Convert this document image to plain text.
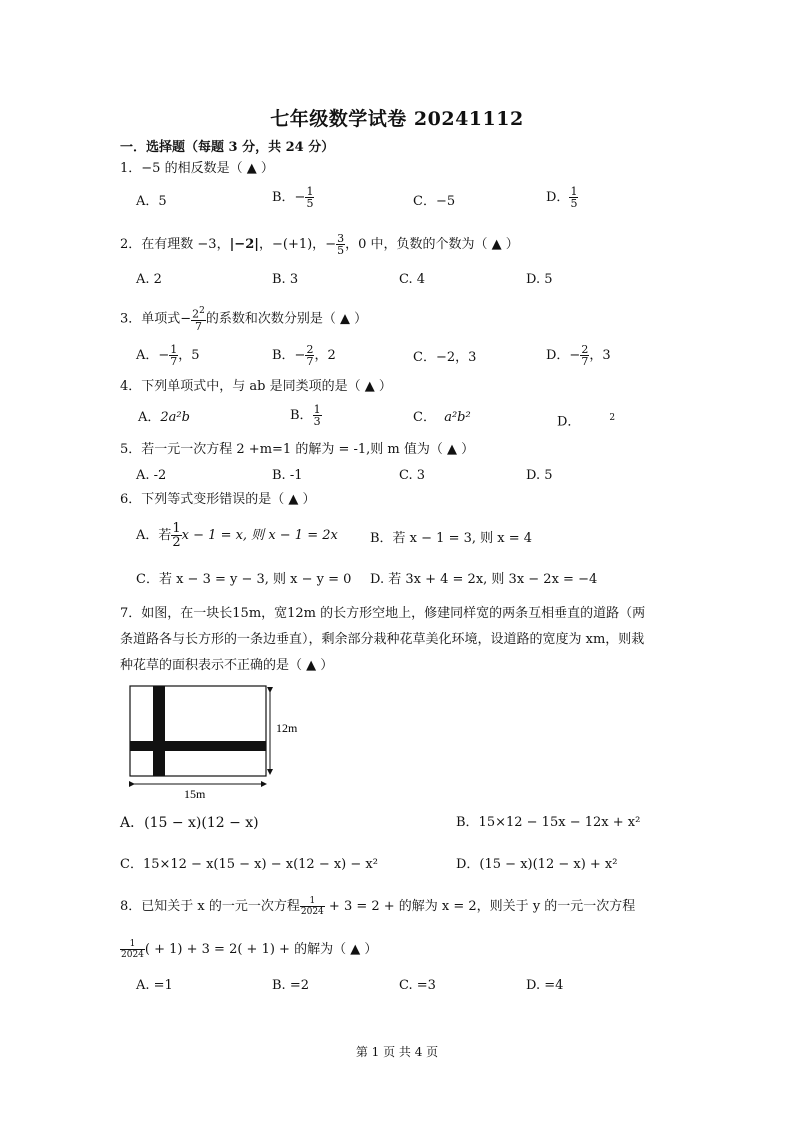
七年级数学试卷 20241112
一．选择题（每题 3 分，共 24 分）
1．−5 的相反数是（ ▲ ）
A．5	B．− $\frac{1}{5}$	C．−5	D． $\frac{1}{5}$
2．在有理数 −3，|−2|，−(+1)，− $\frac{3}{5}$ ，0 中，负数的个数为（ ▲ ）
A. 2	B. 3	C. 4	D. 5
3．单项式− $\frac{2^2}{7}$ 的系数和次数分别是（ ▲ ）
A．− $\frac{1}{7}$ ，5	B．− $\frac{2}{7}$ ，2	C．−2，3	D．− $\frac{2}{7}$ ，3
4．下列单项式中，与 ab 是同类项的是（ ▲ ）
A．2a²b	B． $\frac{1}{3}$	C． a²b²	D．	$^2$
5．若一元一次方程 2 +m=1 的解为 = -1,则 m 值为（ ▲ ）
A. -2	B. -1	C. 3	D. 5
6．下列等式变形错误的是（ ▲ ）
A．若 $\frac{1}{2}$ x − 1 = x, 则 x − 1 = 2x B．若 x − 1 = 3, 则 x = 4
C．若 x − 3 = y − 3, 则 x − y = 0 D. 若 3x + 4 = 2x, 则 3x − 2x = −4
7．如图，在一块长15m，宽12m 的长方形空地上，修建同样宽的两条互相垂直的道路（两
条道路各与长方形的一条边垂直），剩余部分栽种花草美化环境，设道路的宽度为 xm，则栽
种花草的面积表示不正确的是（ ▲ ）
12m
15m
A．(15 − x)(12 − x)	B．15×12 − 15x − 12x + x²
C．15×12 − x(15 − x) − x(12 − x) − x²	D．(15 − x)(12 − x) + x²
8．已知关于 x 的一元一次方程 $\frac{1}{2024} + 3 = 2$ + 的解为 x = 2，则关于 y 的一元一次方程
$\frac{1}{2024}$ ( + 1) + 3 = 2( + 1) + 的解为（ ▲ ）
A. =1	B. =2	C. =3	D. =4
第 1 页 共 4 页
